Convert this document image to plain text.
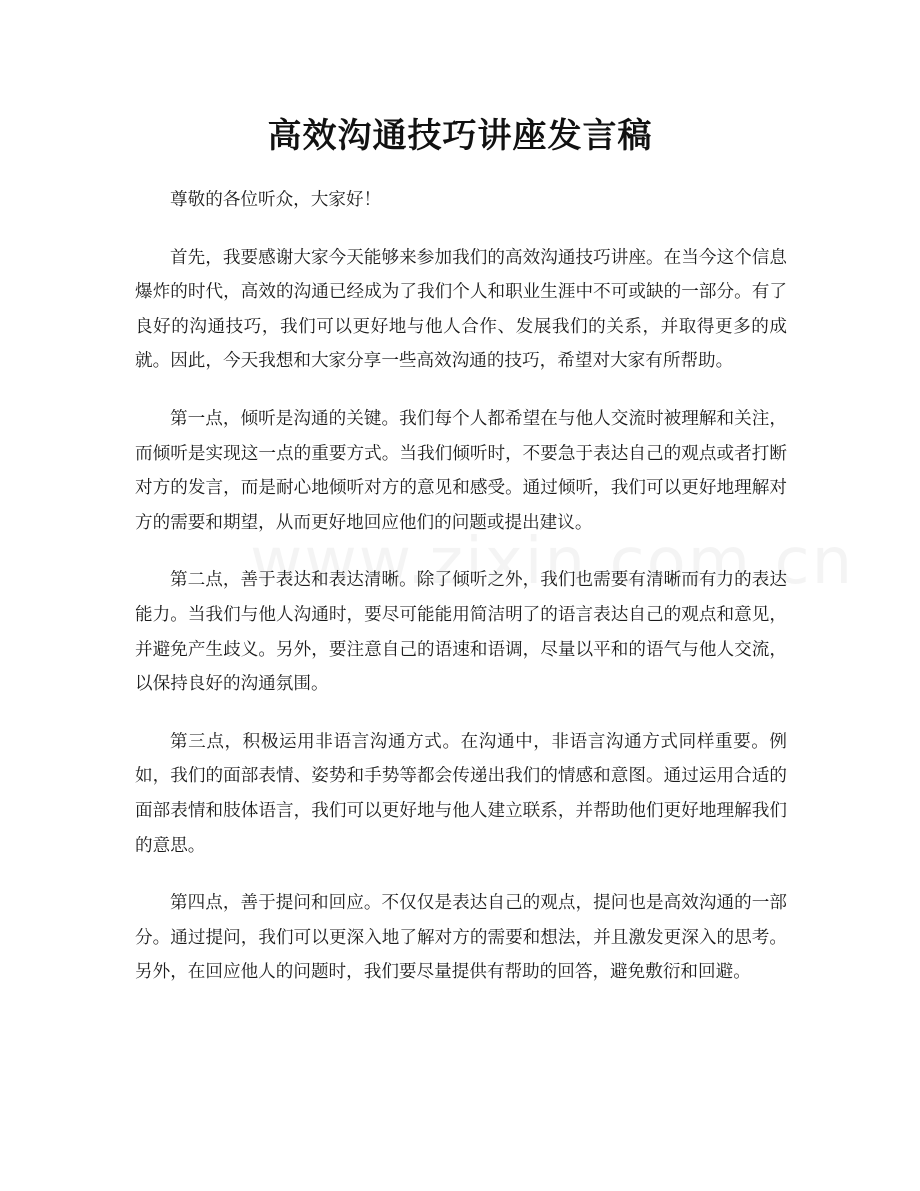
高效沟通技巧讲座发言稿

尊敬的各位听众，大家好！

首先，我要感谢大家今天能够来参加我们的高效沟通技巧讲座。在当今这个信息爆炸的时代，高效的沟通已经成为了我们个人和职业生涯中不可或缺的一部分。有了良好的沟通技巧，我们可以更好地与他人合作、发展我们的关系，并取得更多的成就。因此，今天我想和大家分享一些高效沟通的技巧，希望对大家有所帮助。

第一点，倾听是沟通的关键。我们每个人都希望在与他人交流时被理解和关注，而倾听是实现这一点的重要方式。当我们倾听时，不要急于表达自己的观点或者打断对方的发言，而是耐心地倾听对方的意见和感受。通过倾听，我们可以更好地理解对方的需要和期望，从而更好地回应他们的问题或提出建议。

第二点，善于表达和表达清晰。除了倾听之外，我们也需要有清晰而有力的表达能力。当我们与他人沟通时，要尽可能能用简洁明了的语言表达自己的观点和意见，并避免产生歧义。另外，要注意自己的语速和语调，尽量以平和的语气与他人交流，以保持良好的沟通氛围。

第三点，积极运用非语言沟通方式。在沟通中，非语言沟通方式同样重要。例如，我们的面部表情、姿势和手势等都会传递出我们的情感和意图。通过运用合适的面部表情和肢体语言，我们可以更好地与他人建立联系，并帮助他们更好地理解我们的意思。

第四点，善于提问和回应。不仅仅是表达自己的观点，提问也是高效沟通的一部分。通过提问，我们可以更深入地了解对方的需要和想法，并且激发更深入的思考。另外，在回应他人的问题时，我们要尽量提供有帮助的回答，避免敷衍和回避。
